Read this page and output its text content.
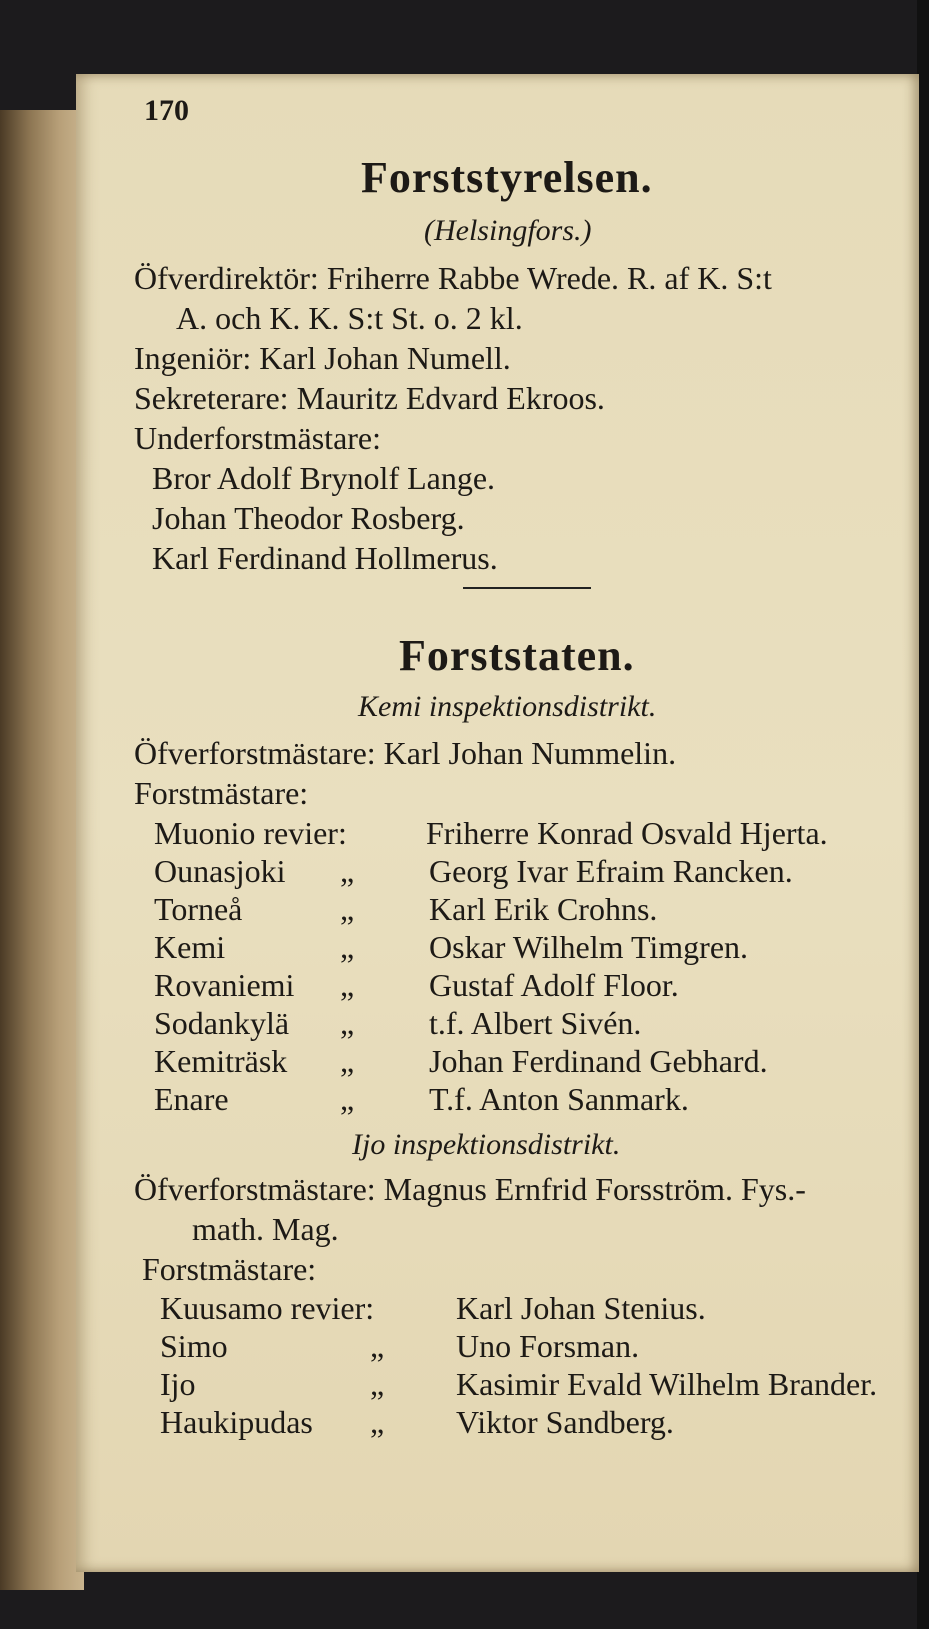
170
Forststyrelsen.
(Helsingfors.)
Öfverdirektör: Friherre Rabbe Wrede. R. af K. S:t
A. och K. K. S:t St. o. 2 kl.
Ingeniör: Karl Johan Numell.
Sekreterare: Mauritz Edvard Ekroos.
Underforstmästare:
Bror Adolf Brynolf Lange.
Johan Theodor Rosberg.
Karl Ferdinand Hollmerus.
Forststaten.
Kemi inspektionsdistrikt.
Öfverforstmästare: Karl Johan Nummelin.
Forstmästare:
Muonio revier: Friherre Konrad Osvald Hjerta.
Ounasjoki „ Georg Ivar Efraim Rancken.
Torneå	„ Karl Erik Crohns.
Kemi	„ Oskar Wilhelm Timgren.
Rovaniemi „ Gustaf Adolf Floor.
Sodankylä „ t.f. Albert Sivén.
Kemiträsk „ Johan Ferdinand Gebhard.
Enare	„ T.f. Anton Sanmark.
Ijo inspektionsdistrikt.
Öfverforstmästare: Magnus Ernfrid Forsström. Fys.-
math. Mag.
Forstmästare:
Kuusamo revier:	Karl Johan Stenius.
Simo	„ Uno Forsman.
Ijo	„ Kasimir Evald Wilhelm Brander.
Haukipudas „ Viktor Sandberg.
